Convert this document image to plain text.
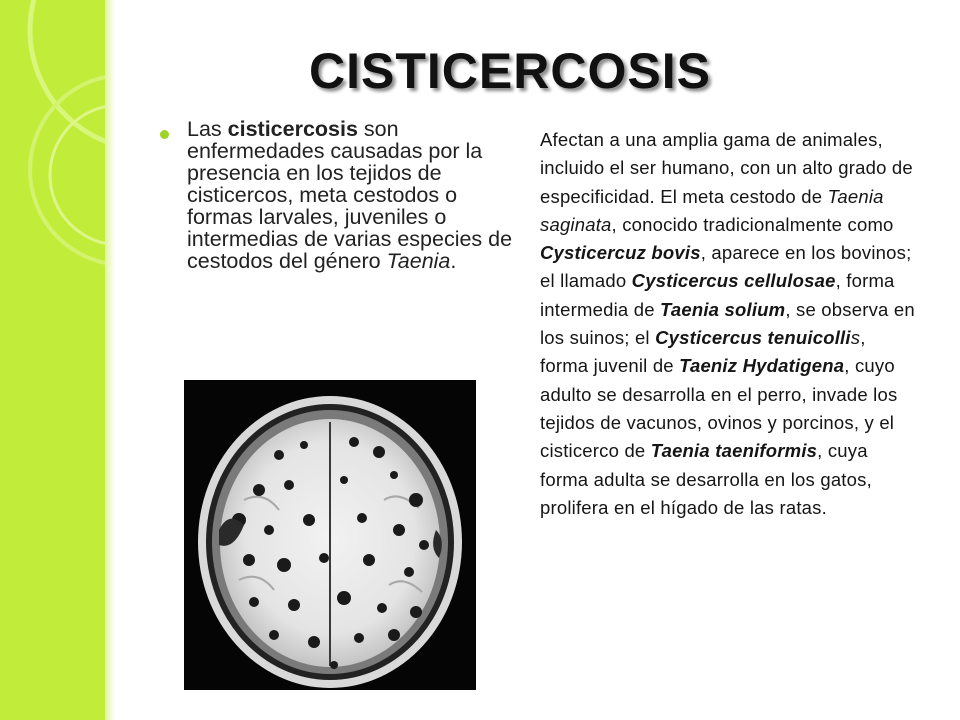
CISTICERCOSIS
Las cisticercosis son enfermedades causadas por la presencia en los tejidos de cisticercos, meta cestodos o formas larvales, juveniles o intermedias de varias especies de cestodos del género Taenia.
Afectan a una amplia gama de animales, incluido el ser humano, con un alto grado de especificidad. El meta cestodo de Taenia saginata, conocido tradicionalmente como Cysticercuz bovis, aparece en los bovinos; el llamado Cysticercus cellulosae, forma intermedia de Taenia solium, se observa en los suinos; el Cysticercus tenuicollis, forma juvenil de Taeniz Hydatigena, cuyo adulto se desarrolla en el perro, invade los tejidos de vacunos, ovinos y porcinos, y el cisticerco de Taenia taeniformis, cuya forma adulta se desarrolla en los gatos, prolifera en el hígado de las ratas.
